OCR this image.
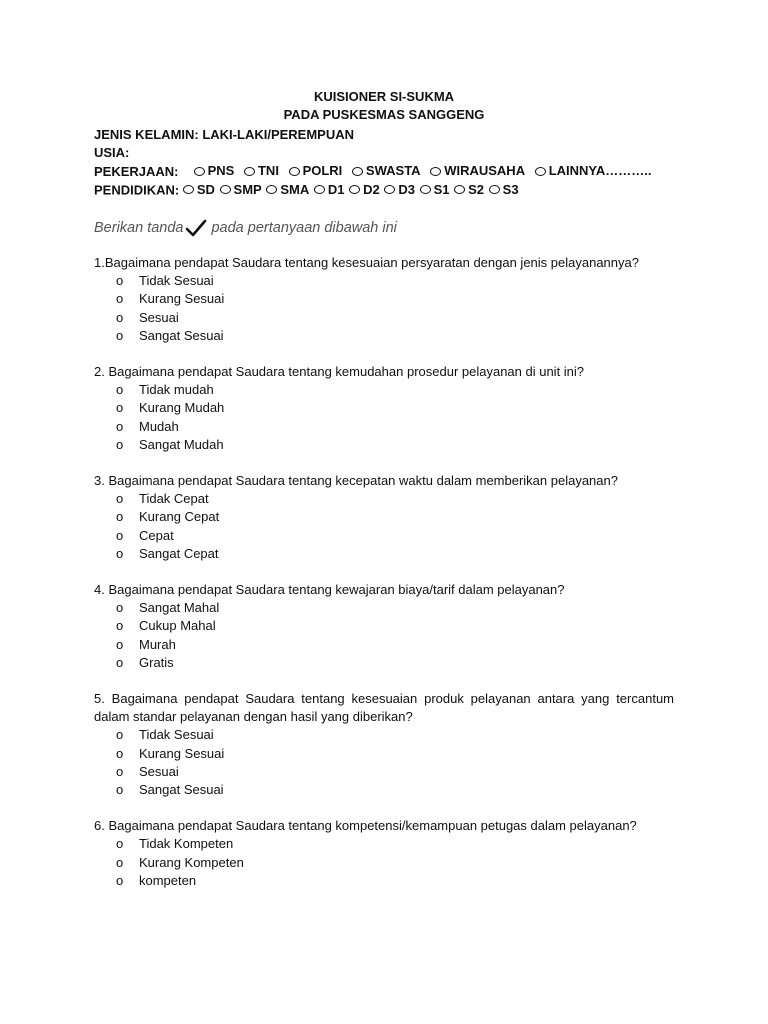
KUISIONER SI-SUKMA
PADA PUSKESMAS SANGGENG
JENIS KELAMIN: LAKI-LAKI/PEREMPUAN
USIA:
PEKERJAAN: PNS
TNI
POLRI
SWASTA
WIRAUSAHA
LAINNYA………..
PENDIDIKAN: SD
SMP
SMA
D1
D2
D3
S1
S2
S3
Berikan tanda pada pertanyaan dibawah ini
1.Bagaimana pendapat Saudara tentang kesesuaian persyaratan dengan jenis pelayanannya?
o	Tidak Sesuai
o	Kurang Sesuai
o	Sesuai
o	Sangat Sesuai
2. Bagaimana pendapat Saudara tentang kemudahan prosedur pelayanan di unit ini?
o	Tidak mudah
o	Kurang Mudah
o	Mudah
o	Sangat Mudah
3. Bagaimana pendapat Saudara tentang kecepatan waktu dalam memberikan pelayanan?
o	Tidak Cepat
o	Kurang Cepat
o	Cepat
o	Sangat Cepat
4. Bagaimana pendapat Saudara tentang kewajaran biaya/tarif dalam pelayanan?
o	Sangat Mahal
o	Cukup Mahal
o	Murah
o	Gratis
5. Bagaimana pendapat Saudara tentang kesesuaian produk pelayanan antara yang tercantum dalam standar pelayanan dengan hasil yang diberikan?
o	Tidak Sesuai
o	Kurang Sesuai
o	Sesuai
o	Sangat Sesuai
6. Bagaimana pendapat Saudara tentang kompetensi/kemampuan petugas dalam pelayanan?
o	Tidak Kompeten
o	Kurang Kompeten
o	kompeten
